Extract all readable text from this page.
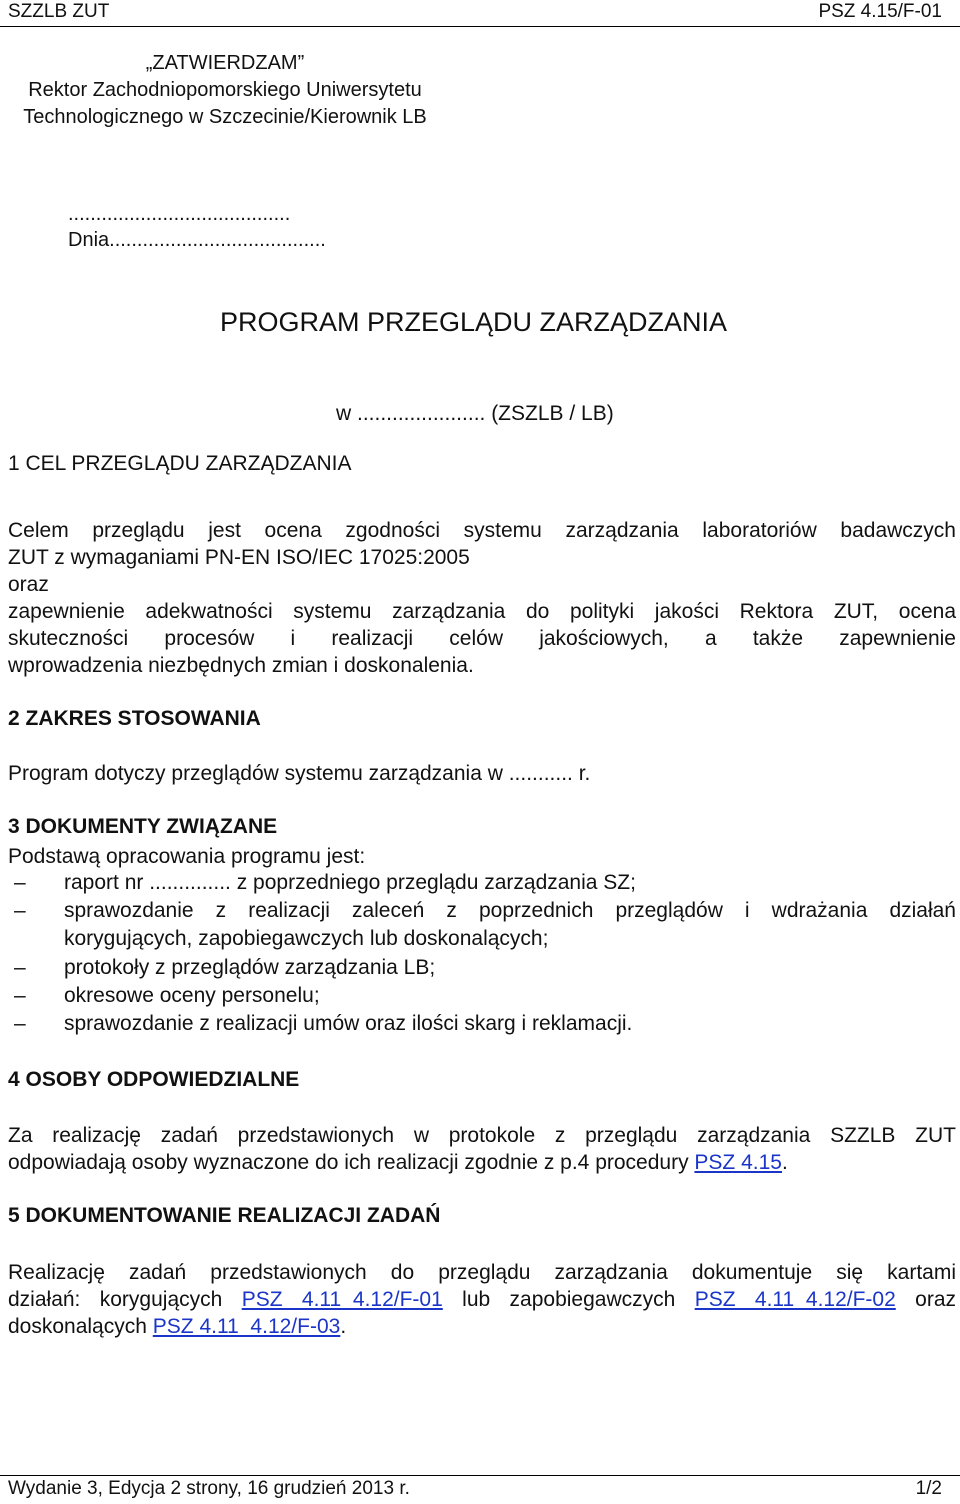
SZZLB ZUT	PSZ 4.15/F-01
„ZATWIERDZAM”
Rektor Zachodniopomorskiego Uniwersytetu
Technologicznego w Szczecinie/Kierownik LB
........................................
Dnia.......................................
PROGRAM PRZEGLĄDU ZARZĄDZANIA
w ...................... (ZSZLB / LB)
1 CEL PRZEGLĄDU ZARZĄDZANIA
Celem przeglądu jest ocena zgodności systemu zarządzania laboratoriów badawczych
ZUT z wymaganiami PN-EN ISO/IEC 17025:2005
oraz
zapewnienie adekwatności systemu zarządzania do polityki jakości Rektora ZUT, ocena
skuteczności procesów i realizacji celów jakościowych, a także zapewnienie
wprowadzenia niezbędnych zmian i doskonalenia.
2 ZAKRES STOSOWANIA
Program dotyczy przeglądów systemu zarządzania w ........... r.
3 DOKUMENTY ZWIĄZANE
Podstawą opracowania programu jest:
– raport nr .............. z poprzedniego przeglądu zarządzania SZ;
– sprawozdanie z realizacji zaleceń z poprzednich przeglądów i wdrażania działań
korygujących, zapobiegawczych lub doskonalących;
– protokoły z przeglądów zarządzania LB;
– okresowe oceny personelu;
– sprawozdanie z realizacji umów oraz ilości skarg i reklamacji.
4 OSOBY ODPOWIEDZIALNE
Za realizację zadań przedstawionych w protokole z przeglądu zarządzania SZZLB ZUT
odpowiadają osoby wyznaczone do ich realizacji zgodnie z p.4 procedury PSZ 4.15.
5 DOKUMENTOWANIE REALIZACJI ZADAŃ
Realizację zadań przedstawionych do przeglądu zarządzania dokumentuje się kartami
działań: korygujących PSZ 4.11_4.12/F-01 lub zapobiegawczych PSZ 4.11_4.12/F-02 oraz
doskonalących PSZ 4.11_4.12/F-03.
Wydanie 3, Edycja 2 strony, 16 grudzień 2013 r.	1/2
